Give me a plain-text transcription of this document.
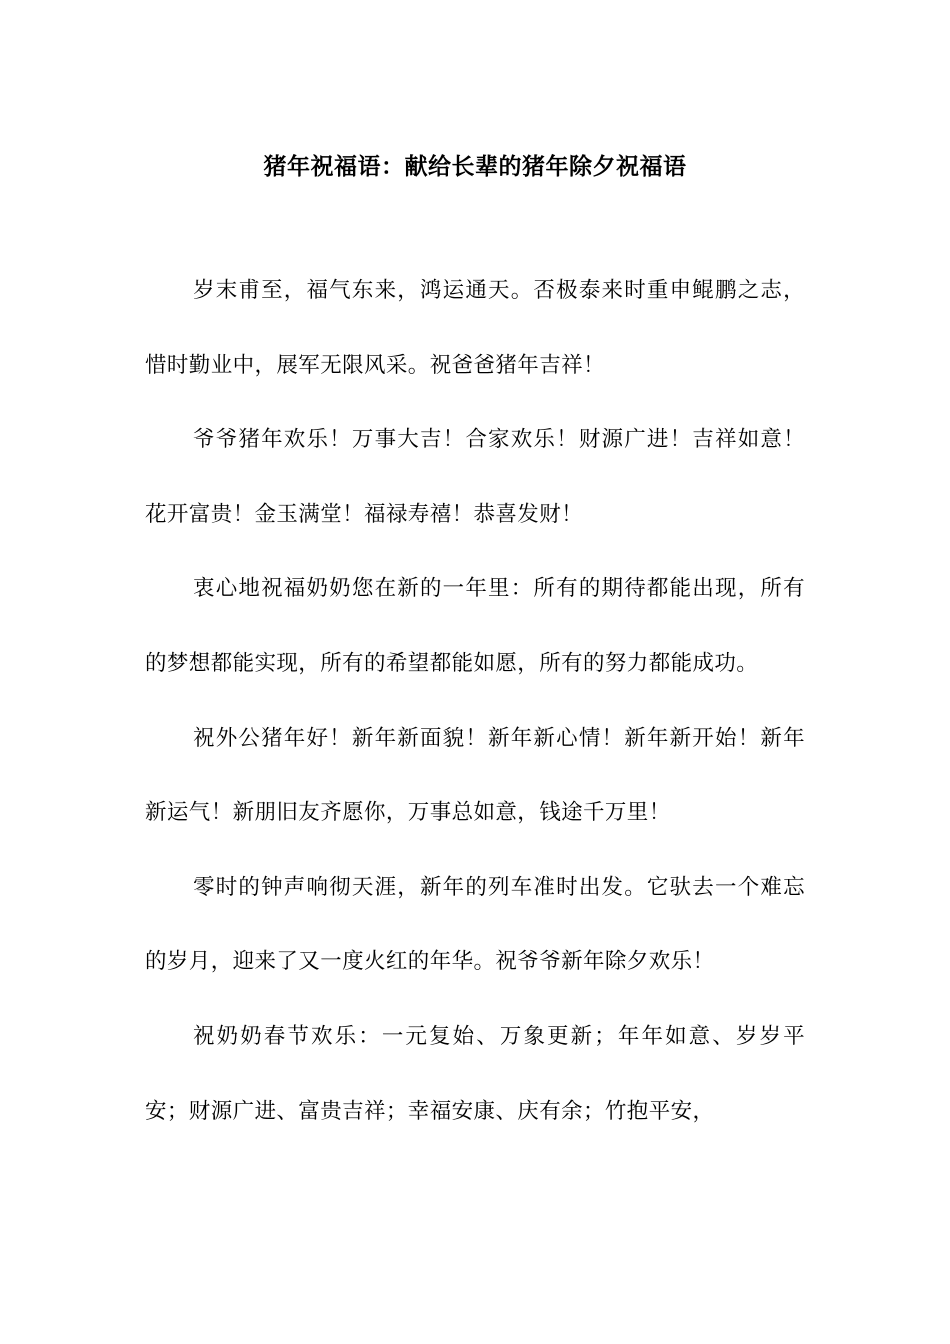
猪年祝福语：献给长辈的猪年除夕祝福语

岁末甫至，福气东来，鸿运通天。否极泰来时重申鲲鹏之志，惜时勤业中，展军无限风采。祝爸爸猪年吉祥！

爷爷猪年欢乐！万事大吉！合家欢乐！财源广进！吉祥如意！花开富贵！金玉满堂！福禄寿禧！恭喜发财！

衷心地祝福奶奶您在新的一年里：所有的期待都能出现，所有的梦想都能实现，所有的希望都能如愿，所有的努力都能成功。

祝外公猪年好！新年新面貌！新年新心情！新年新开始！新年新运气！新朋旧友齐愿你，万事总如意，钱途千万里！

零时的钟声响彻天涯，新年的列车准时出发。它驮去一个难忘的岁月，迎来了又一度火红的年华。祝爷爷新年除夕欢乐！

祝奶奶春节欢乐：一元复始、万象更新；年年如意、岁岁平安；财源广进、富贵吉祥；幸福安康、庆有余；竹抱平安，
